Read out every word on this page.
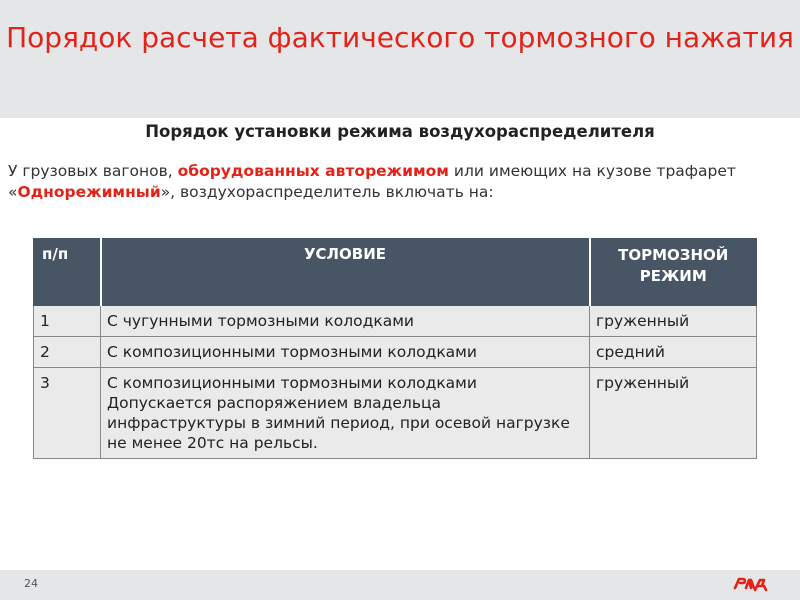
Порядок расчета фактического тормозного нажатия
Порядок установки режима воздухораспределителя
У грузовых вагонов, оборудованных авторежимом или имеющих на кузове трафарет «Однорежимный», воздухораспределитель включать на:
п/п	УСЛОВИЕ	ТОРМОЗНОЙ РЕЖИМ
1	С чугунными тормозными колодками	груженный
2	С композиционными тормозными колодками	средний
3	С композиционными тормозными колодками Допускается распоряжением владельца инфраструктуры в зимний период, при осевой нагрузке не менее 20тс на рельсы.	груженный
24
